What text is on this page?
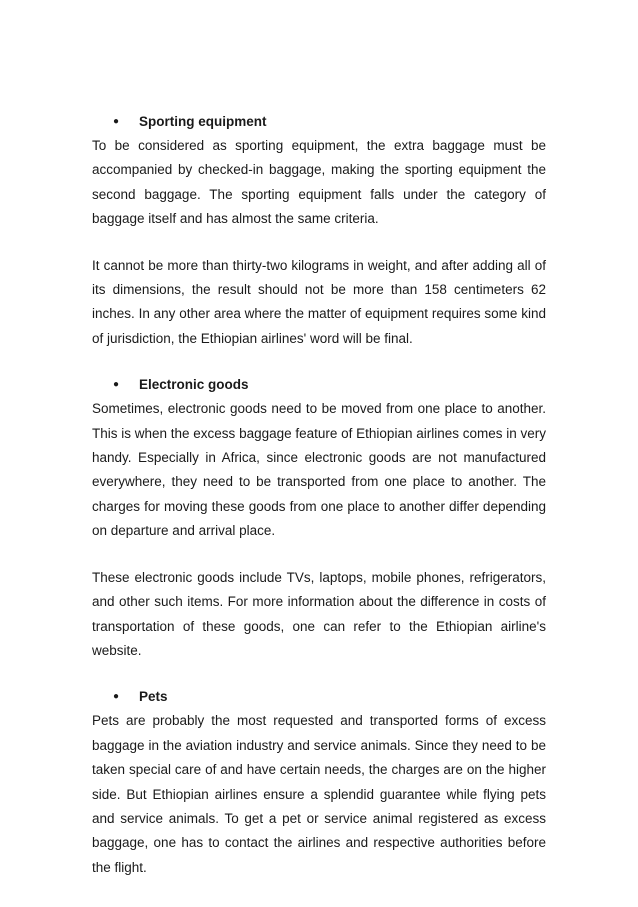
●	Sporting equipment

To be considered as sporting equipment, the extra baggage must be accompanied by checked-in baggage, making the sporting equipment the second baggage. The sporting equipment falls under the category of baggage itself and has almost the same criteria.

It cannot be more than thirty-two kilograms in weight, and after adding all of its dimensions, the result should not be more than 158 centimeters 62 inches. In any other area where the matter of equipment requires some kind of jurisdiction, the Ethiopian airlines' word will be final.

●	Electronic goods

Sometimes, electronic goods need to be moved from one place to another. This is when the excess baggage feature of Ethiopian airlines comes in very handy. Especially in Africa, since electronic goods are not manufactured everywhere, they need to be transported from one place to another. The charges for moving these goods from one place to another differ depending on departure and arrival place.

These electronic goods include TVs, laptops, mobile phones, refrigerators, and other such items. For more information about the difference in costs of transportation of these goods, one can refer to the Ethiopian airline's website.

●	Pets

Pets are probably the most requested and transported forms of excess baggage in the aviation industry and service animals. Since they need to be taken special care of and have certain needs, the charges are on the higher side. But Ethiopian airlines ensure a splendid guarantee while flying pets and service animals. To get a pet or service animal registered as excess baggage, one has to contact the airlines and respective authorities before the flight.
